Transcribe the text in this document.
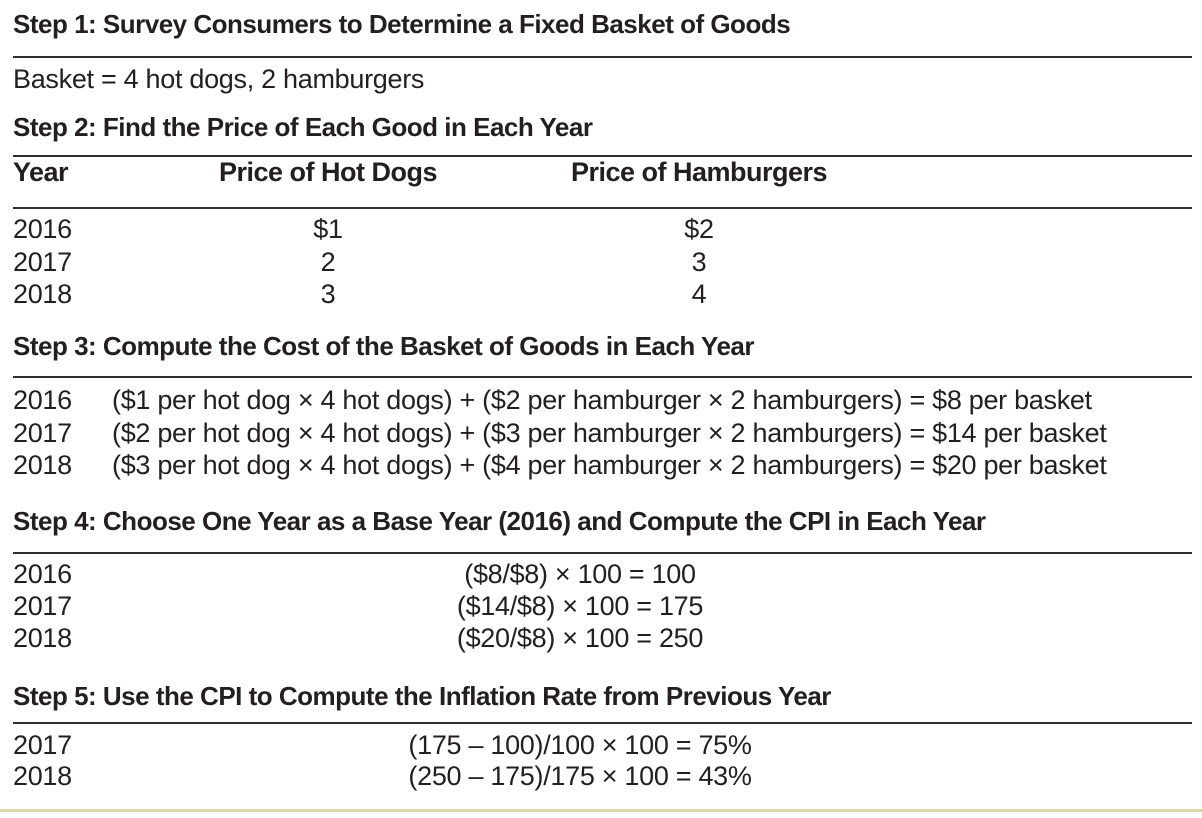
Step 1: Survey Consumers to Determine a Fixed Basket of Goods
Basket = 4 hot dogs, 2 hamburgers
Step 2: Find the Price of Each Good in Each Year
Year	Price of Hot Dogs	Price of Hamburgers
2016	$1	$2
2017	2	3
2018	3	4
Step 3: Compute the Cost of the Basket of Goods in Each Year
2016 ($1 per hot dog × 4 hot dogs) + ($2 per hamburger × 2 hamburgers) = $8 per basket
2017 ($2 per hot dog × 4 hot dogs) + ($3 per hamburger × 2 hamburgers) = $14 per basket
2018 ($3 per hot dog × 4 hot dogs) + ($4 per hamburger × 2 hamburgers) = $20 per basket
Step 4: Choose One Year as a Base Year (2016) and Compute the CPI in Each Year
2016	($8/$8) × 100 = 100
2017	($14/$8) × 100 = 175
2018	($20/$8) × 100 = 250
Step 5: Use the CPI to Compute the Inflation Rate from Previous Year
2017	(175 – 100)/100 × 100 = 75%
2018	(250 – 175)/175 × 100 = 43%
